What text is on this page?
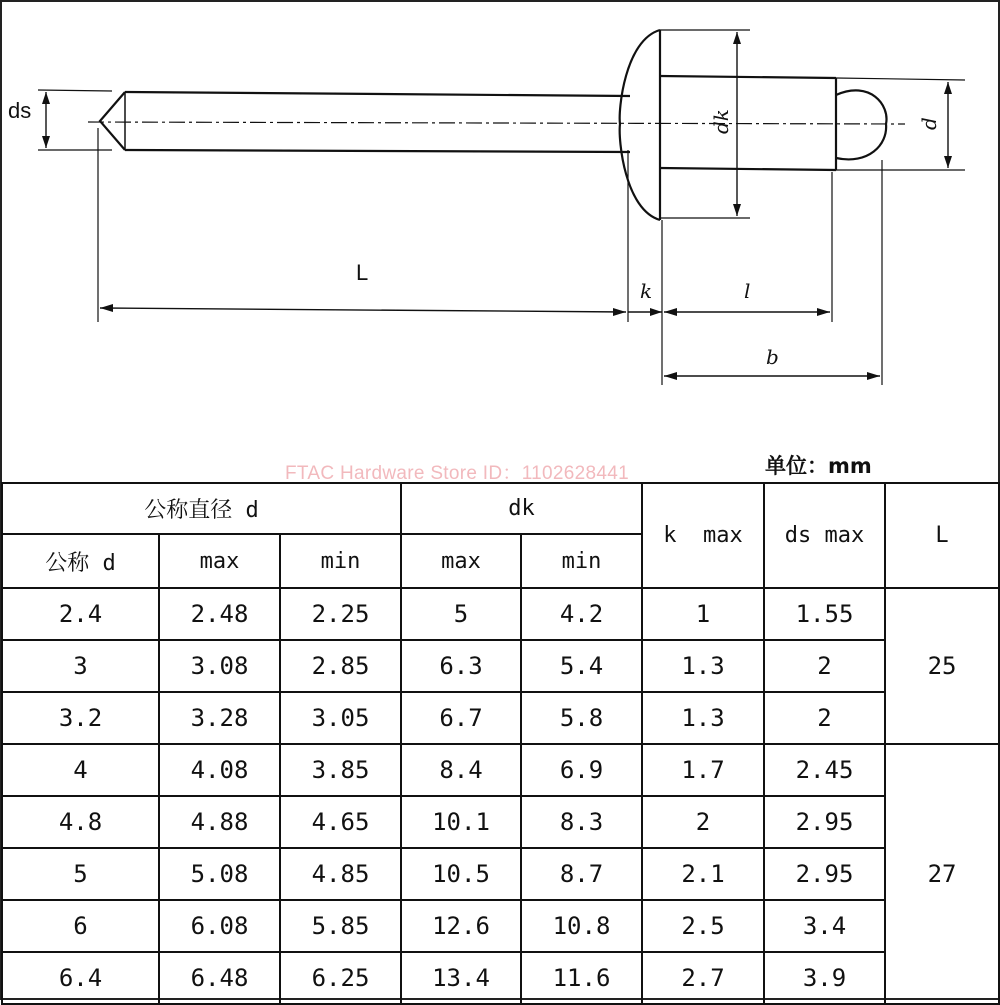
ds
L
k	l
b
dk	d
FTAC Hardware Store ID：1102628441	单位：mm
公称直径 d			dk		k  max	ds max	L
公称 d	max	min	max	min			
2.4	2.48	2.25	5	4.2	1	1.55	25
3	3.08	2.85	6.3	5.4	1.3	2	
3.2	3.28	3.05	6.7	5.8	1.3	2	
4	4.08	3.85	8.4	6.9	1.7	2.45	27
4.8	4.88	4.65	10.1	8.3	2	2.95	
5	5.08	4.85	10.5	8.7	2.1	2.95	
6	6.08	5.85	12.6	10.8	2.5	3.4	
6.4	6.48	6.25	13.4	11.6	2.7	3.9	
